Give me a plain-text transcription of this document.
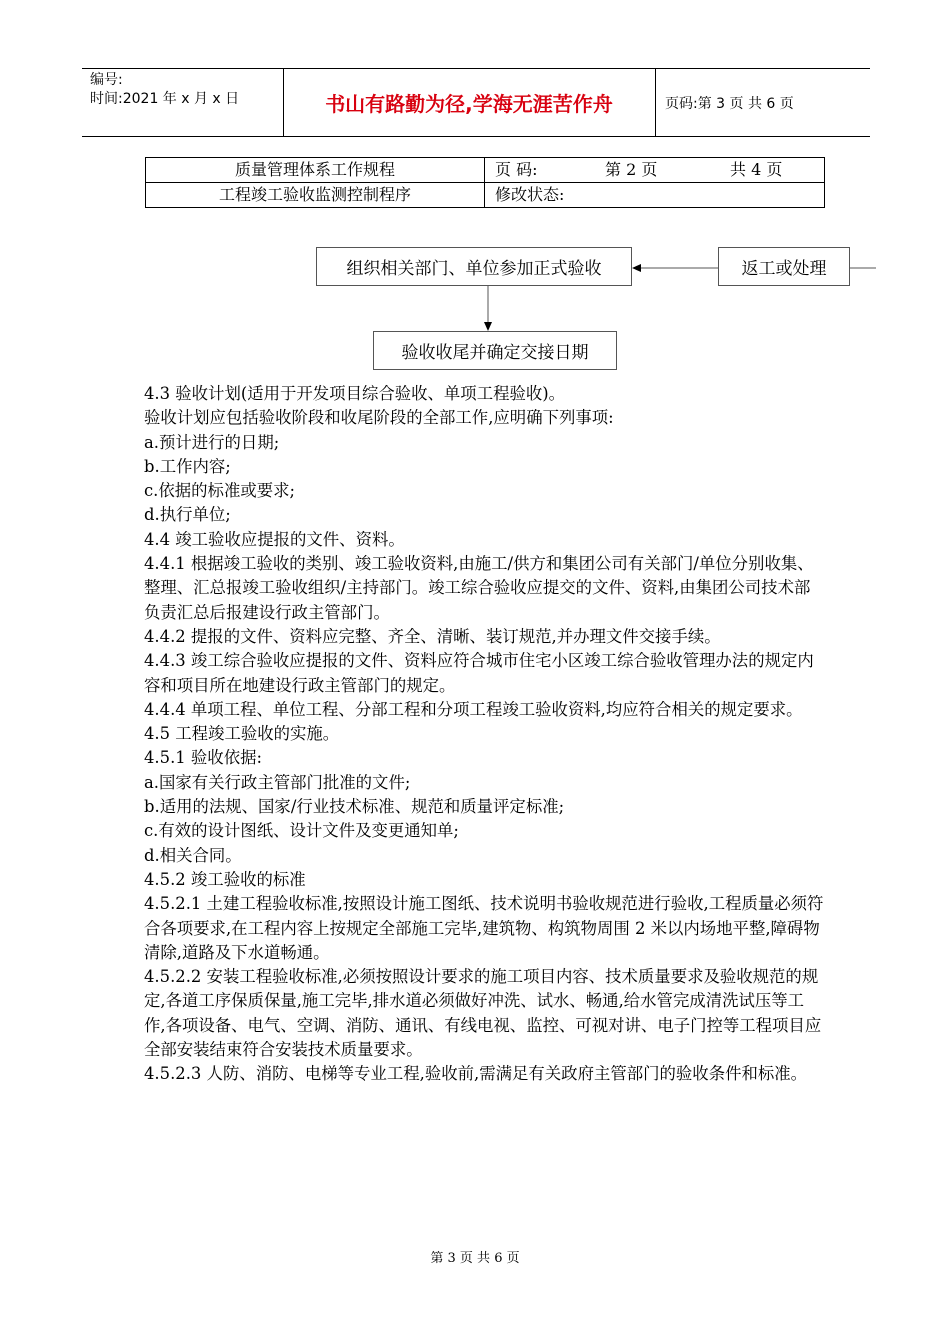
编号:
时间:2021 年 x 月 x 日	书山有路勤为径,学海无涯苦作舟	页码:第 3 页 共 6 页
质量管理体系工作规程	页 码: 第 2 页 共 4 页
工程竣工验收监测控制程序	修改状态:
组织相关部门、单位参加正式验收	返工或处理
验收收尾并确定交接日期

4.3 验收计划(适用于开发项目综合验收、单项工程验收)。

验收计划应包括验收阶段和收尾阶段的全部工作,应明确下列事项:

a.预计进行的日期;

b.工作内容;

c.依据的标准或要求;

d.执行单位;

4.4 竣工验收应提报的文件、资料。

4.4.1 根据竣工验收的类别、竣工验收资料,由施工/供方和集团公司有关部门/单位分别收集、整理、汇总报竣工验收组织/主持部门。竣工综合验收应提交的文件、资料,由集团公司技术部负责汇总后报建设行政主管部门。

4.4.2 提报的文件、资料应完整、齐全、清晰、装订规范,并办理文件交接手续。

4.4.3 竣工综合验收应提报的文件、资料应符合城市住宅小区竣工综合验收管理办法的规定内容和项目所在地建设行政主管部门的规定。

4.4.4 单项工程、单位工程、分部工程和分项工程竣工验收资料,均应符合相关的规定要求。

4.5 工程竣工验收的实施。

4.5.1 验收依据:

a.国家有关行政主管部门批准的文件;

b.适用的法规、国家/行业技术标准、规范和质量评定标准;

c.有效的设计图纸、设计文件及变更通知单;

d.相关合同。

4.5.2 竣工验收的标准

4.5.2.1 土建工程验收标准,按照设计施工图纸、技术说明书验收规范进行验收,工程质量必须符合各项要求,在工程内容上按规定全部施工完毕,建筑物、构筑物周围 2 米以内场地平整,障碍物清除,道路及下水道畅通。

4.5.2.2 安装工程验收标准,必须按照设计要求的施工项目内容、技术质量要求及验收规范的规定,各道工序保质保量,施工完毕,排水道必须做好冲洗、试水、畅通,给水管完成清洗试压等工作,各项设备、电气、空调、消防、通讯、有线电视、监控、可视对讲、电子门控等工程项目应全部安装结束符合安装技术质量要求。

4.5.2.3 人防、消防、电梯等专业工程,验收前,需满足有关政府主管部门的验收条件和标准。

第 3 页 共 6 页
